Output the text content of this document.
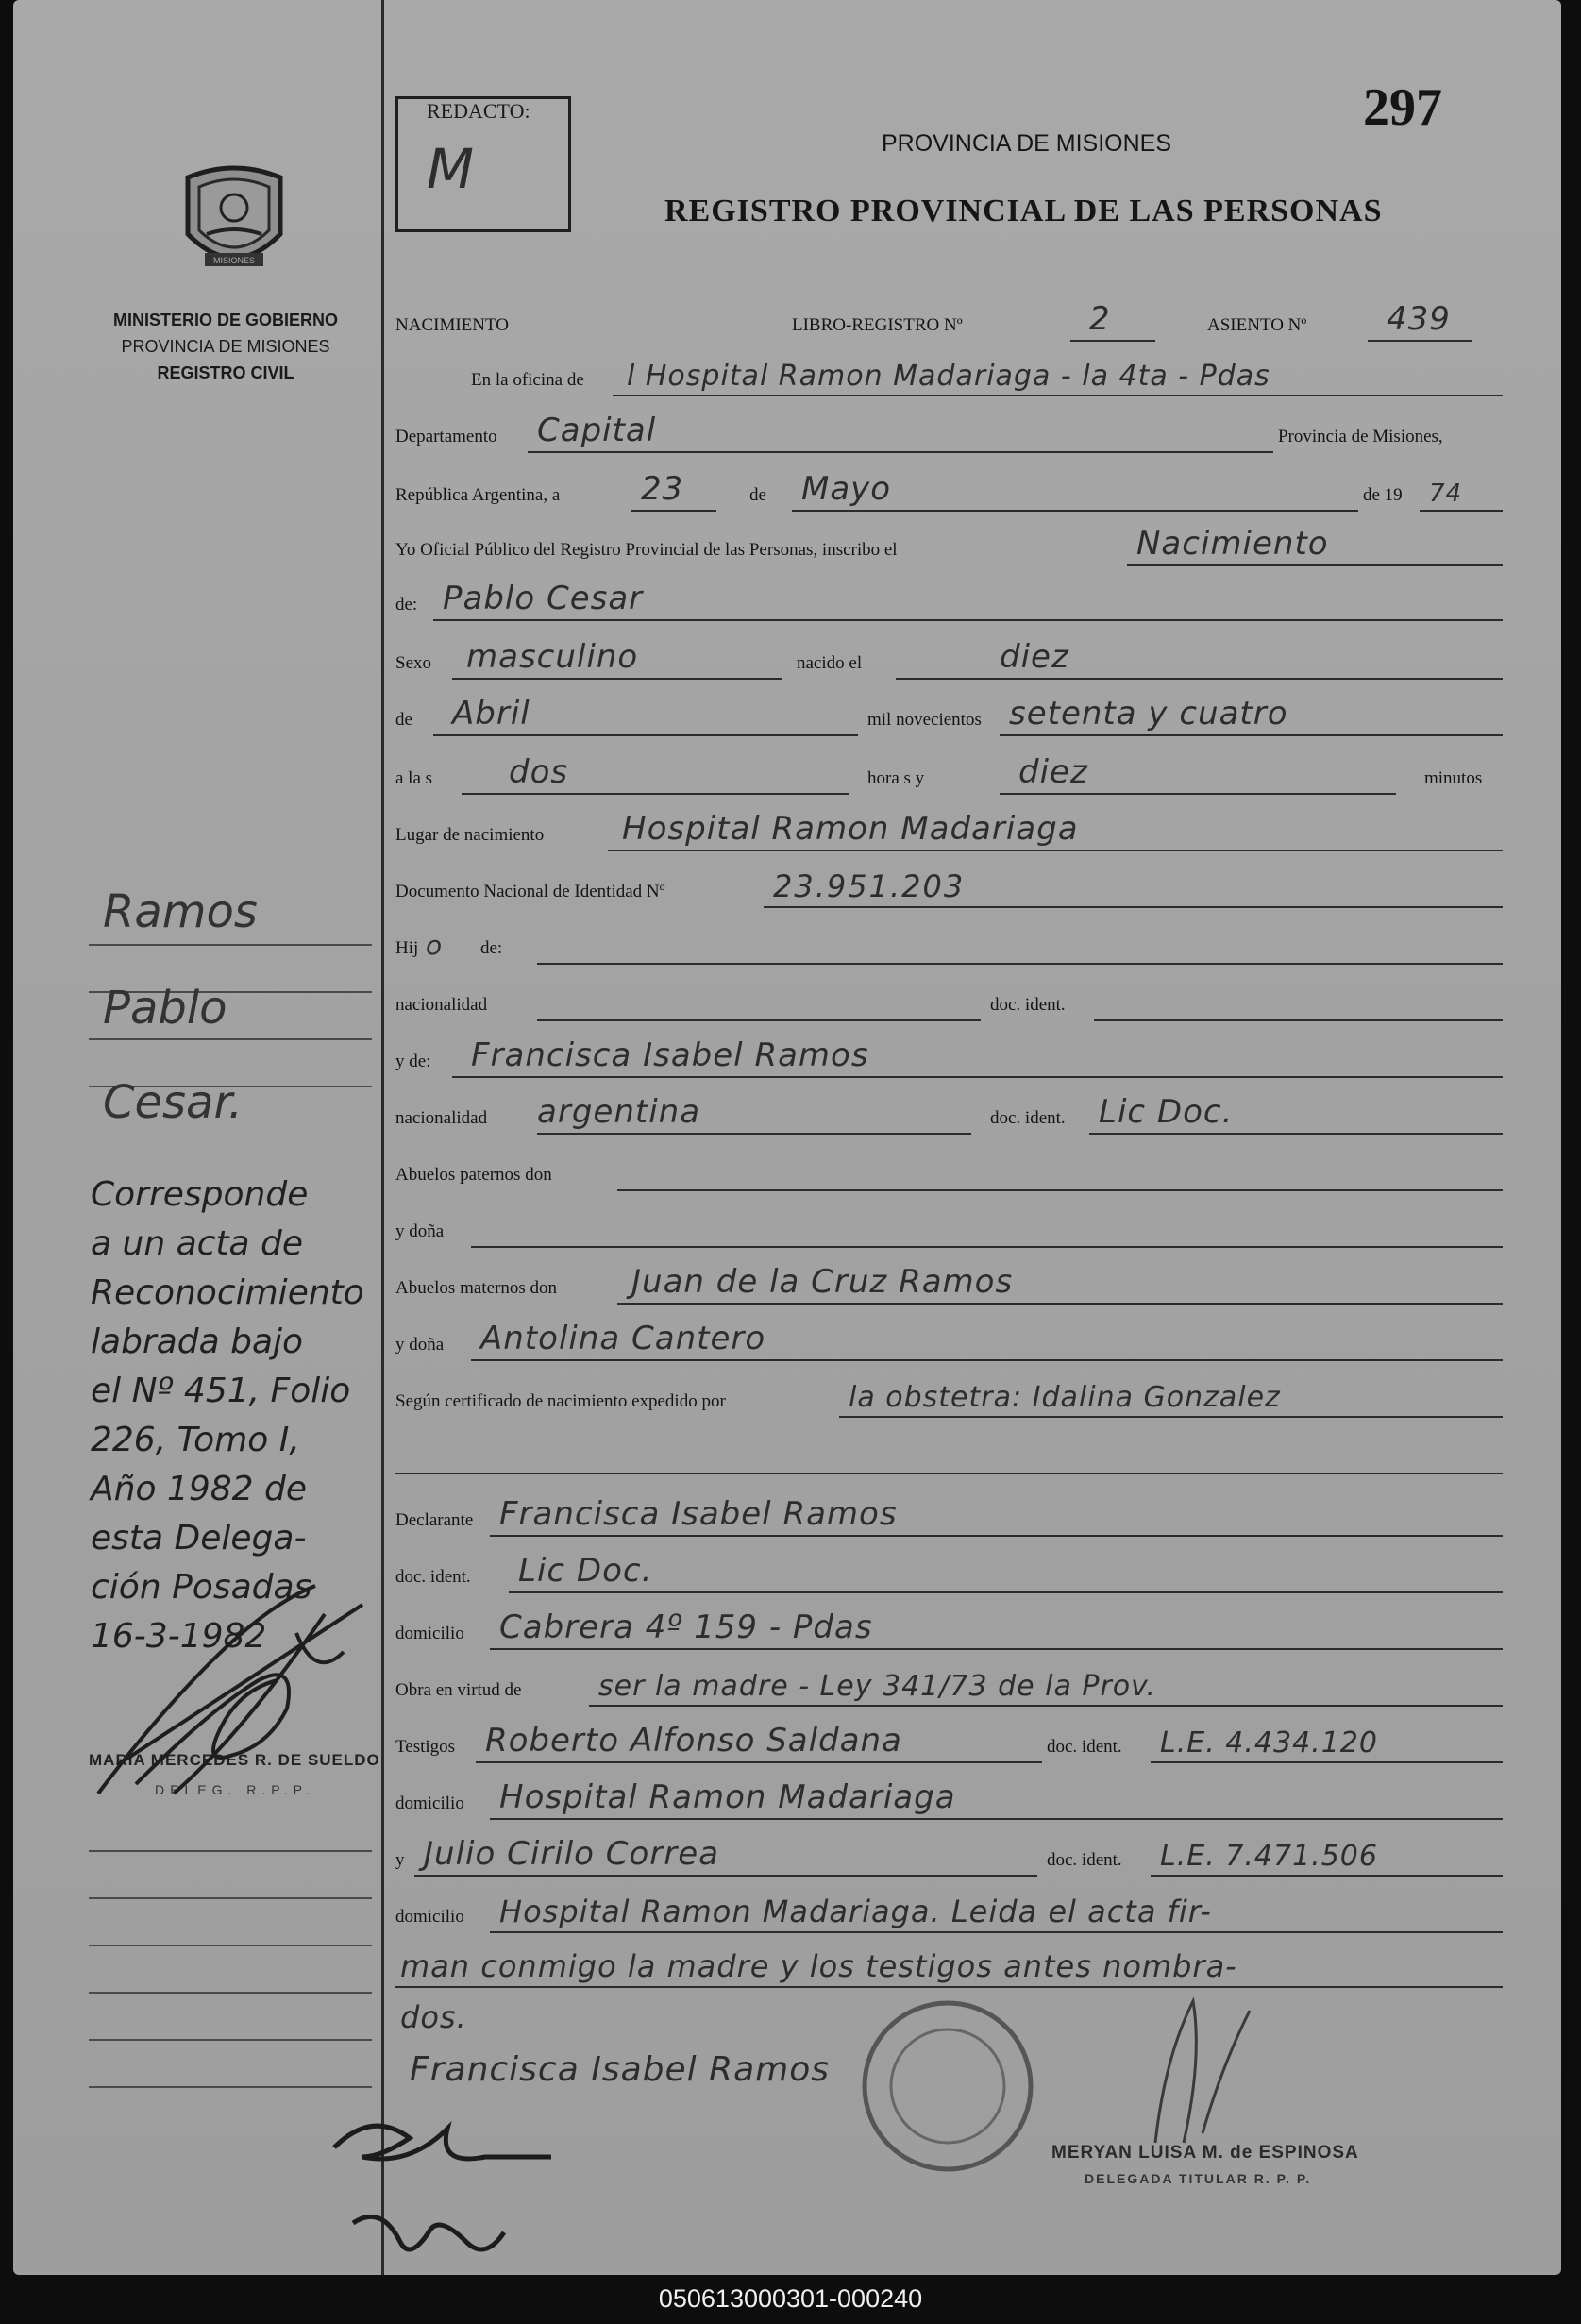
REDACTO:
M
297
PROVINCIA DE MISIONES
REGISTRO PROVINCIAL DE LAS PERSONAS
MISIONES
MINISTERIO DE GOBIERNO
PROVINCIA DE MISIONES
REGISTRO CIVIL
NACIMIENTO	LIBRO-REGISTRO Nº	2	ASIENTO Nº 439
En la oficina de l Hospital Ramon Madariaga - la 4ta - Pdas
Departamento Capital	Provincia de Misiones,
República Argentina, a	23	de Mayo	de 19 74
Yo Oficial Público del Registro Provincial de las Personas, inscribo el	Nacimiento
de: Pablo Cesar
Sexo masculino	nacido el	diez
de Abril	mil novecientos setenta y cuatro
a la s dos	hora s y	diez	minutos
Lugar de nacimiento Hospital Ramon Madariaga
Documento Nacional de Identidad Nº	23.951.203
Hij o de:
nacionalidad	doc. ident.
y de: Francisca Isabel Ramos
nacionalidad argentina	doc. ident. Lic Doc.
Abuelos paternos don
y doña
Abuelos maternos don Juan de la Cruz Ramos
y doña Antolina Cantero
Según certificado de nacimiento expedido por	la obstetra: Idalina Gonzalez
Declarante Francisca Isabel Ramos
doc. ident. Lic Doc.
domicilio Cabrera 4º 159 - Pdas
Obra en virtud de	ser la madre - Ley 341/73 de la Prov.
Testigos Roberto Alfonso Saldana	doc. ident. L.E. 4.434.120
domicilio Hospital Ramon Madariaga
y Julio Cirilo Correa	doc. ident. L.E. 7.471.506
domicilio Hospital Ramon Madariaga. Leida el acta fir-
man conmigo la madre y los testigos antes nombra-
dos.
Francisca Isabel Ramos
Ramos
Pablo
Cesar.
Corresponde
a un acta de
Reconocimiento
labrada bajo
el Nº 451, Folio
226, Tomo I,
Año 1982 de
esta Delega-
ción Posadas
16-3-1982
MARIA MERCEDES R. DE SUELDO
DELEG. R.P.P.
MERYAN LUISA M. de ESPINOSA
DELEGADA TITULAR R. P. P.
050613000301-000240
